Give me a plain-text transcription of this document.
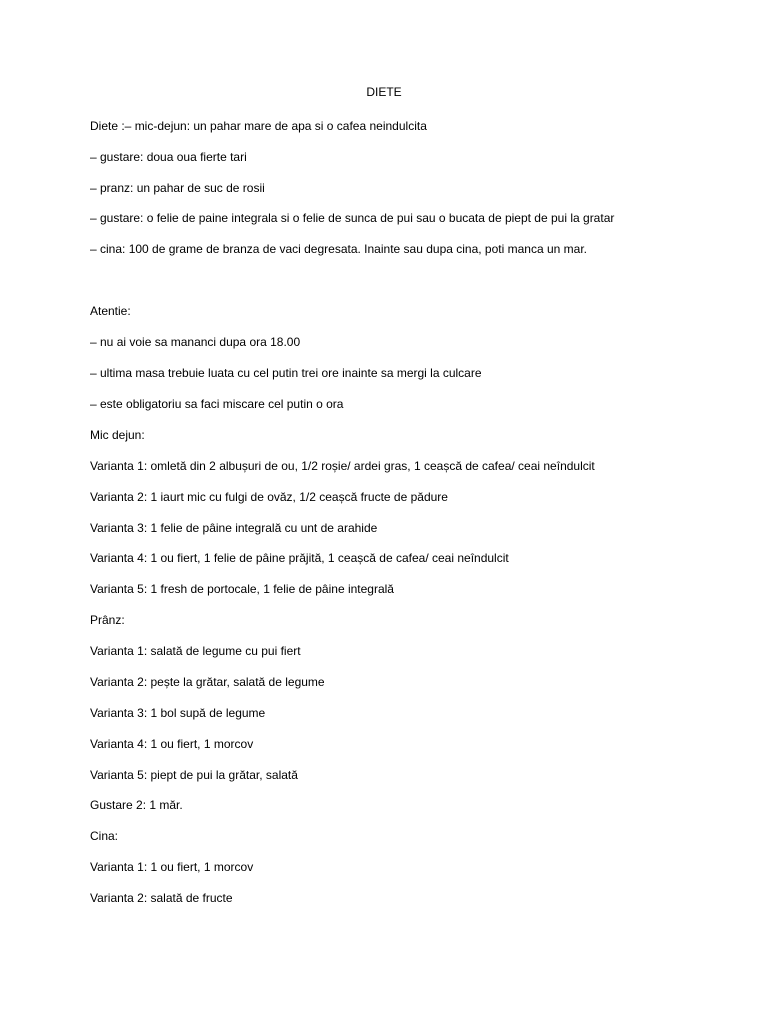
DIETE
Diete :– mic-dejun: un pahar mare de apa si o cafea neindulcita
– gustare: doua oua fierte tari
– pranz: un pahar de suc de rosii
– gustare: o felie de paine integrala si o felie de sunca de pui sau o bucata de piept de pui la gratar
– cina: 100 de grame de branza de vaci degresata. Inainte sau dupa cina, poti manca un mar.
Atentie:
– nu ai voie sa mananci dupa ora 18.00
– ultima masa trebuie luata cu cel putin trei ore inainte sa mergi la culcare
– este obligatoriu sa faci miscare cel putin o ora
Mic dejun:
Varianta 1: omletă din 2 albușuri de ou, 1/2 roșie/ ardei gras, 1 ceașcă de cafea/ ceai neîndulcit
Varianta 2: 1 iaurt mic cu fulgi de ovăz, 1/2 ceașcă fructe de pădure
Varianta 3: 1 felie de pâine integrală cu unt de arahide
Varianta 4: 1 ou fiert, 1 felie de pâine prăjită, 1 ceașcă de cafea/ ceai neîndulcit
Varianta 5: 1 fresh de portocale, 1 felie de pâine integrală
Prânz:
Varianta 1: salată de legume cu pui fiert
Varianta 2: pește la grătar, salată de legume
Varianta 3: 1 bol supă de legume
Varianta 4: 1 ou fiert, 1 morcov
Varianta 5: piept de pui la grătar, salată
Gustare 2: 1 măr.
Cina:
Varianta 1: 1 ou fiert, 1 morcov
Varianta 2: salată de fructe
